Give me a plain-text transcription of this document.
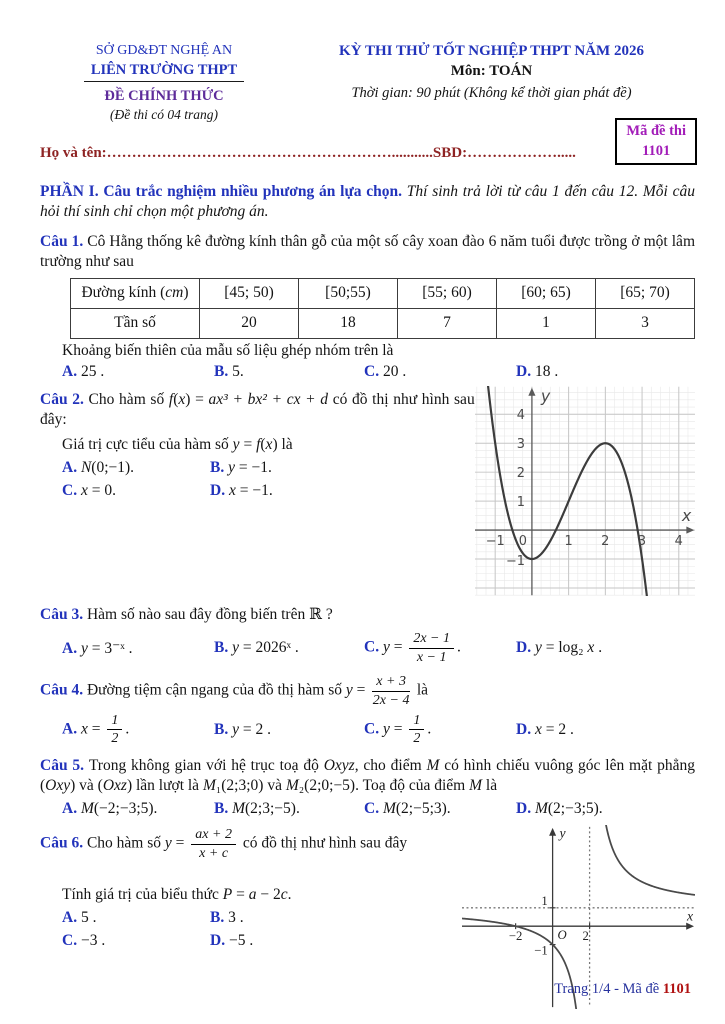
SỞ GD&ĐT NGHỆ AN
LIÊN TRƯỜNG THPT
ĐỀ CHÍNH THỨC
(Đề thi có 04 trang)
KỲ THI THỬ TỐT NGHIỆP THPT NĂM 2026
Môn: TOÁN
Thời gian: 90 phút (Không kể thời gian phát đề)
Mã đề thi
1101
Họ và tên:…………………………………………………...........SBD:……………….....
PHẦN I. Câu trắc nghiệm nhiều phương án lựa chọn. Thí sinh trả lời từ câu 1 đến câu 12. Mỗi câu hỏi thí sinh chỉ chọn một phương án.
Câu 1. Cô Hằng thống kê đường kính thân gỗ của một số cây xoan đào 6 năm tuổi được trồng ở một lâm trường như sau
Đường kính (cm)	[45; 50)	[50;55)	[55; 60)	[60; 65)	[65; 70)
Tần số	20	18	7	1	3
Khoảng biến thiên của mẫu số liệu ghép nhóm trên là
A. 25 .	B. 5.	C. 20 .	D. 18 .
Câu 2. Cho hàm số f(x) = ax³ + bx² + cx + d có đồ thị như hình sau đây:
Giá trị cực tiểu của hàm số y = f(x) là
A. N(0;−1).	B. y = −1.
C. x = 0.	D. x = −1.
y
x
4
3
2
1
−1
0
−1	1 2 3 4
Câu 3. Hàm số nào sau đây đồng biến trên ℝ ?
A. y = 3⁻ˣ .	B. y = 2026ˣ .	C. $y = \frac{2x - 1}{x - 1}$ .	D. y = log₂ x .
Câu 4. Đường tiệm cận ngang của đồ thị hàm số $y = \frac{x + 3}{2x - 4}$ là
A. $x = \frac{1}{2}$ .	B. y = 2 .	C. $y = \frac{1}{2}$ .	D. x = 2 .
Câu 5. Trong không gian với hệ trục toạ độ Oxyz, cho điểm M có hình chiếu vuông góc lên mặt phẳng (Oxy) và (Oxz) lần lượt là M₁(2;3;0) và M₂(2;0;−5). Toạ độ của điểm M là
A. M(−2;−3;5).	B. M(2;3;−5).	C. M(2;−5;3).	D. M(2;−3;5).
Câu 6. Cho hàm số $y = \frac{ax + 2}{x + c}$ có đồ thị như hình sau đây
Tính giá trị của biểu thức P = a − 2c.
A. 5 .	B. 3 .
C. −3 .	D. −5 .
y
x
1
−1
−2	2
O
Trang 1/4 - Mã đề 1101
